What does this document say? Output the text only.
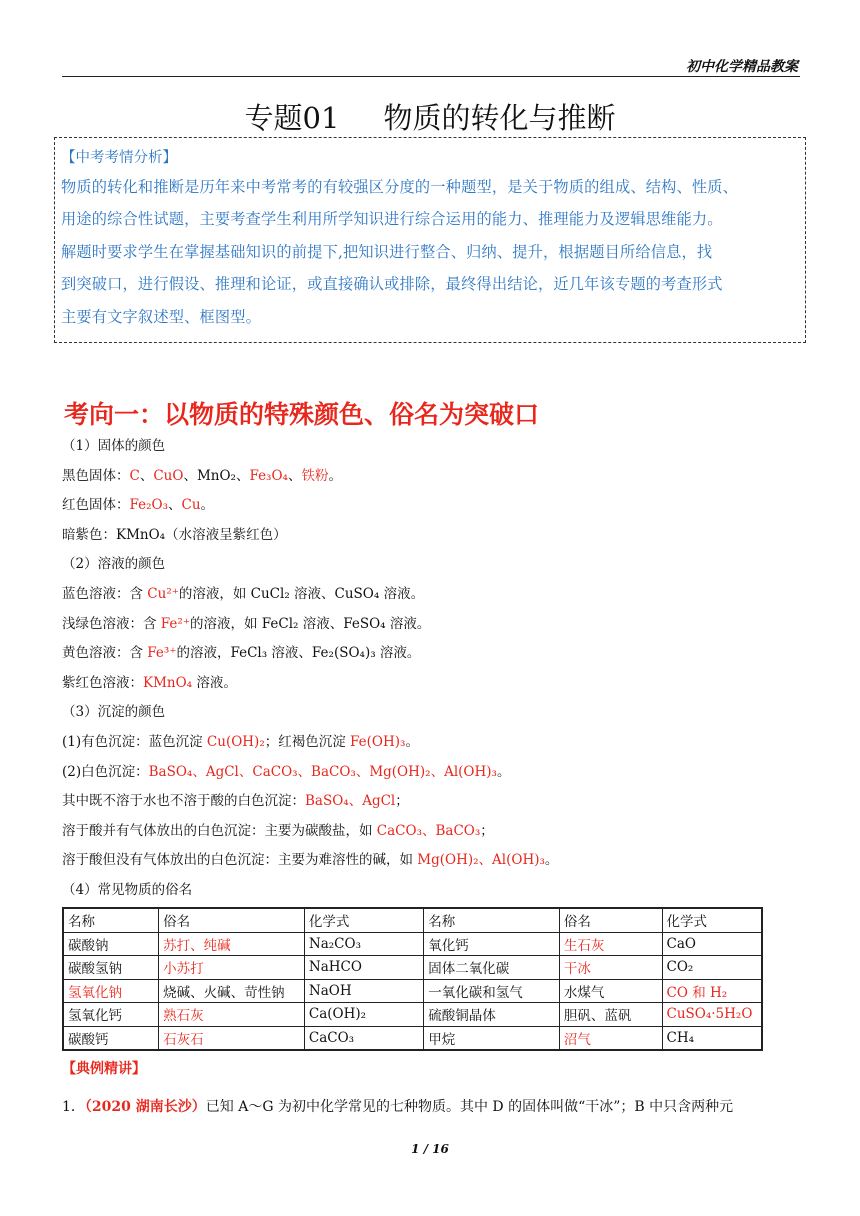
初中化学精品教案
专题01 物质的转化与推断
【中考考情分析】

物质的转化和推断是历年来中考常考的有较强区分度的一种题型，是关于物质的组成、结构、性质、

用途的综合性试题，主要考查学生利用所学知识进行综合运用的能力、推理能力及逻辑思维能力。

解题时要求学生在掌握基础知识的前提下,把知识进行整合、归纳、提升，根据题目所给信息，找

到突破口，进行假设、推理和论证，或直接确认或排除，最终得出结论，近几年该专题的考查形式

主要有文字叙述型、框图型。

考向一：以物质的特殊颜色、俗名为突破口
（1）固体的颜色
黑色固体：C、CuO、MnO₂、Fe₃O₄、铁粉。
红色固体：Fe₂O₃、Cu。
暗紫色：KMnO₄（水溶液呈紫红色）
（2）溶液的颜色
蓝色溶液：含 Cu²⁺的溶液，如 CuCl₂ 溶液、CuSO₄ 溶液。
浅绿色溶液：含 Fe²⁺的溶液，如 FeCl₂ 溶液、FeSO₄ 溶液。
黄色溶液：含 Fe³⁺的溶液，FeCl₃ 溶液、Fe₂(SO₄)₃ 溶液。
紫红色溶液：KMnO₄ 溶液。
（3）沉淀的颜色
(1)有色沉淀：蓝色沉淀 Cu(OH)₂；红褐色沉淀 Fe(OH)₃。
(2)白色沉淀：BaSO₄、AgCl、CaCO₃、BaCO₃、Mg(OH)₂、Al(OH)₃。
其中既不溶于水也不溶于酸的白色沉淀：BaSO₄、AgCl；
溶于酸并有气体放出的白色沉淀：主要为碳酸盐，如 CaCO₃、BaCO₃；
溶于酸但没有气体放出的白色沉淀：主要为难溶性的碱，如 Mg(OH)₂、Al(OH)₃。
（4）常见物质的俗名
名称	俗名	化学式	名称	俗名	化学式
碳酸钠	苏打、纯碱	Na₂CO₃	氧化钙	生石灰	CaO
碳酸氢钠	小苏打	NaHCO	固体二氧化碳	干冰	CO₂
氢氧化钠	烧碱、火碱、苛性钠	NaOH	一氧化碳和氢气	水煤气	CO 和 H₂
氢氧化钙	熟石灰	Ca(OH)₂	硫酸铜晶体	胆矾、蓝矾	CuSO₄·5H₂O
碳酸钙	石灰石	CaCO₃	甲烷	沼气	CH₄
【典例精讲】
1．（2020 湖南长沙）已知 A～G 为初中化学常见的七种物质。其中 D 的固体叫做“干冰”；B 中只含两种元
1 / 16
